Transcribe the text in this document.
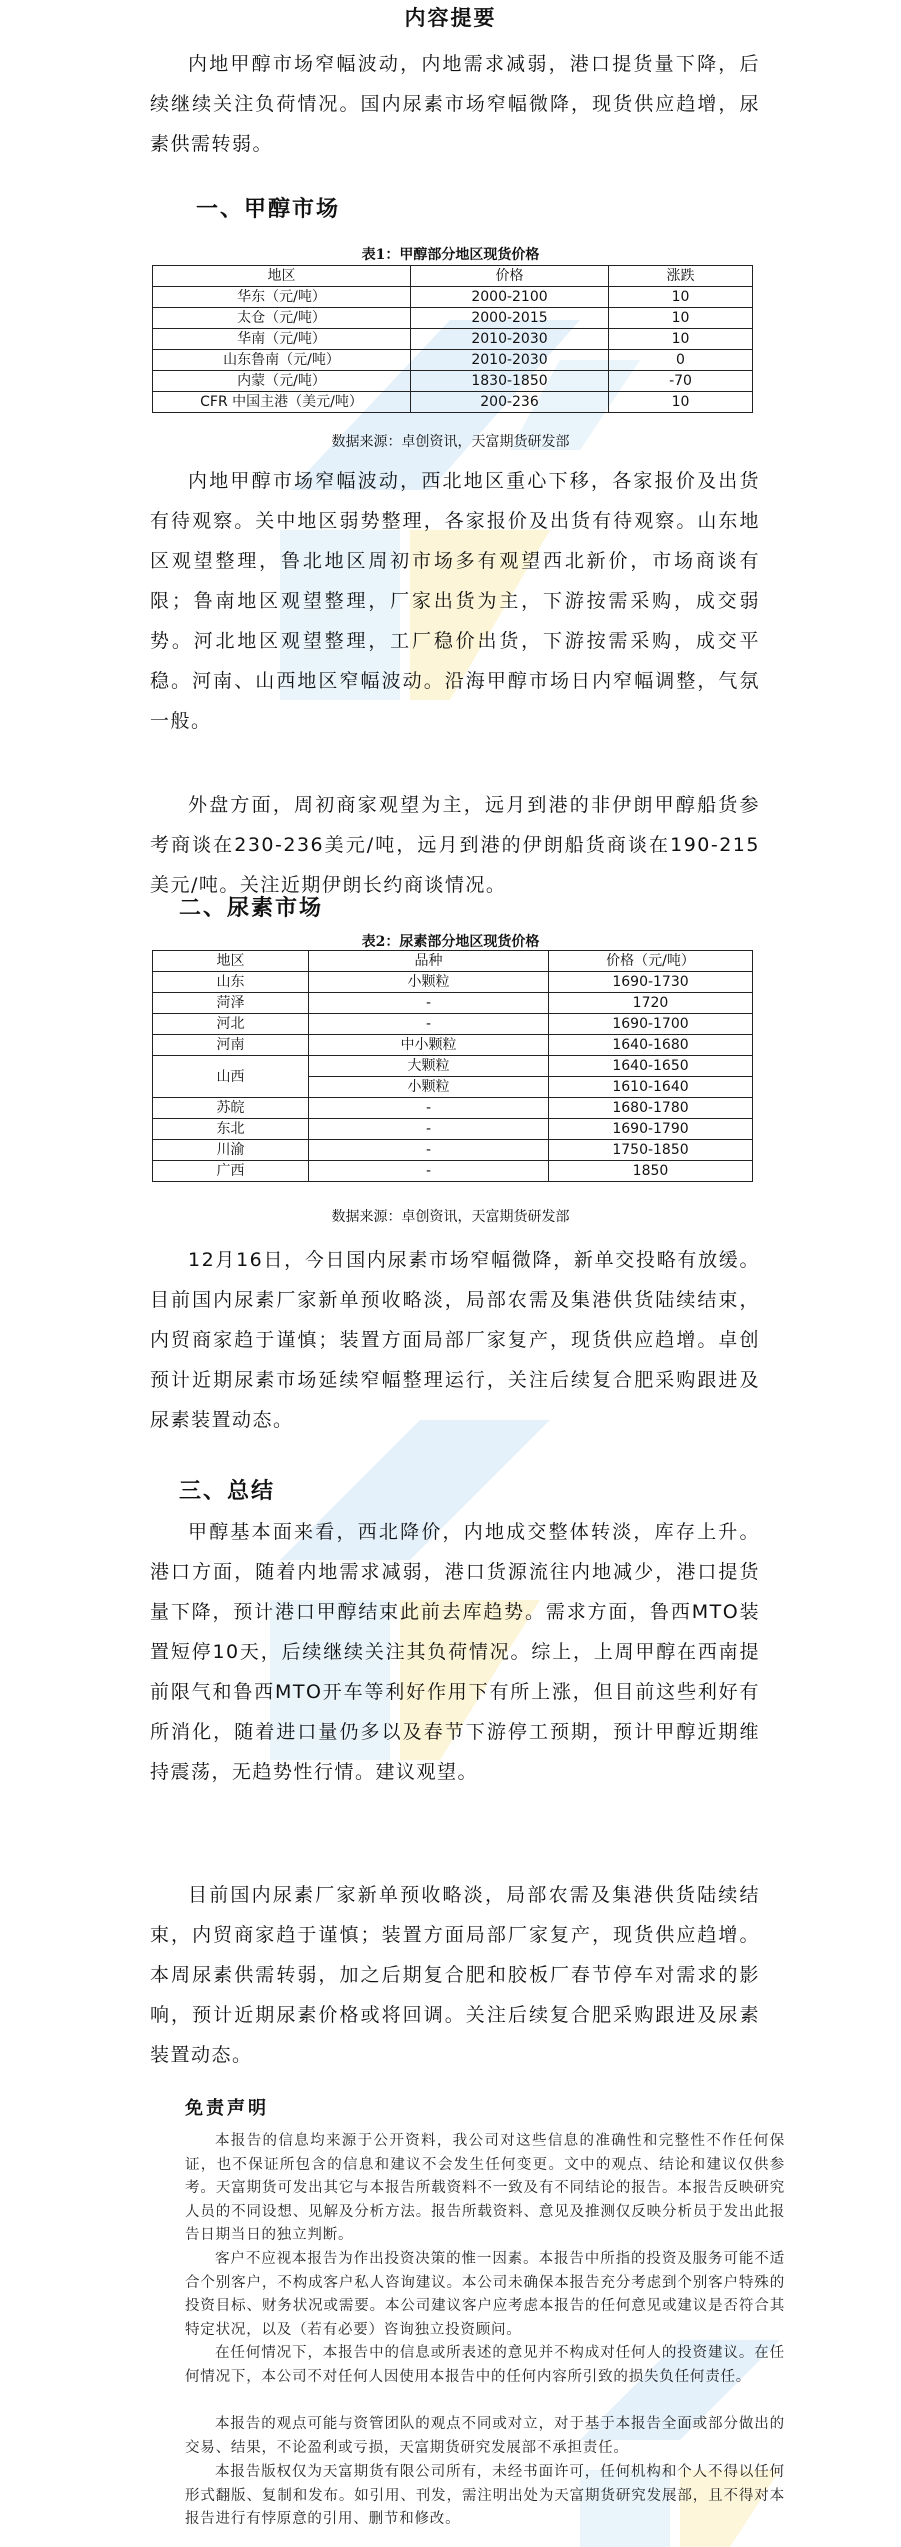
内容提要

内地甲醇市场窄幅波动，内地需求减弱，港口提货量下降，后续继续关注负荷情况。国内尿素市场窄幅微降，现货供应趋增，尿素供需转弱。

一、甲醇市场
表1：甲醇部分地区现货价格
地区	价格	涨跌
华东（元/吨）	2000-2100	10
太仓（元/吨）	2000-2015	10
华南（元/吨）	2010-2030	10
山东鲁南（元/吨）	2010-2030	0
内蒙（元/吨）	1830-1850	-70
CFR 中国主港（美元/吨）	200-236	10
数据来源：卓创资讯，天富期货研发部

内地甲醇市场窄幅波动，西北地区重心下移，各家报价及出货有待观察。关中地区弱势整理，各家报价及出货有待观察。山东地区观望整理，鲁北地区周初市场多有观望西北新价，市场商谈有限；鲁南地区观望整理，厂家出货为主，下游按需采购，成交弱势。河北地区观望整理，工厂稳价出货，下游按需采购，成交平稳。河南、山西地区窄幅波动。沿海甲醇市场日内窄幅调整，气氛一般。

外盘方面，周初商家观望为主，远月到港的非伊朗甲醇船货参考商谈在230-236美元/吨，远月到港的伊朗船货商谈在190-215美元/吨。关注近期伊朗长约商谈情况。

二、尿素市场
表2：尿素部分地区现货价格
地区	品种	价格（元/吨）
山东	小颗粒	1690-1730
菏泽	-	1720
河北	-	1690-1700
河南	中小颗粒	1640-1680
山西	大颗粒	1640-1650
	小颗粒	1610-1640
苏皖	-	1680-1780
东北	-	1690-1790
川渝	-	1750-1850
广西	-	1850
数据来源：卓创资讯，天富期货研发部

12月16日，今日国内尿素市场窄幅微降，新单交投略有放缓。目前国内尿素厂家新单预收略淡，局部农需及集港供货陆续结束，内贸商家趋于谨慎；装置方面局部厂家复产，现货供应趋增。卓创预计近期尿素市场延续窄幅整理运行，关注后续复合肥采购跟进及尿素装置动态。

三、总结

甲醇基本面来看，西北降价，内地成交整体转淡，库存上升。港口方面，随着内地需求减弱，港口货源流往内地减少，港口提货量下降，预计港口甲醇结束此前去库趋势。需求方面，鲁西MTO装置短停10天，后续继续关注其负荷情况。综上，上周甲醇在西南提前限气和鲁西MTO开车等利好作用下有所上涨，但目前这些利好有所消化，随着进口量仍多以及春节下游停工预期，预计甲醇近期维持震荡，无趋势性行情。建议观望。

目前国内尿素厂家新单预收略淡，局部农需及集港供货陆续结束，内贸商家趋于谨慎；装置方面局部厂家复产，现货供应趋增。本周尿素供需转弱，加之后期复合肥和胶板厂春节停车对需求的影响，预计近期尿素价格或将回调。关注后续复合肥采购跟进及尿素装置动态。

免责声明

本报告的信息均来源于公开资料，我公司对这些信息的准确性和完整性不作任何保证，也不保证所包含的信息和建议不会发生任何变更。文中的观点、结论和建议仅供参考。天富期货可发出其它与本报告所载资料不一致及有不同结论的报告。本报告反映研究人员的不同设想、见解及分析方法。报告所载资料、意见及推测仅反映分析员于发出此报告日期当日的独立判断。

客户不应视本报告为作出投资决策的惟一因素。本报告中所指的投资及服务可能不适合个别客户，不构成客户私人咨询建议。本公司未确保本报告充分考虑到个别客户特殊的投资目标、财务状况或需要。本公司建议客户应考虑本报告的任何意见或建议是否符合其特定状况，以及（若有必要）咨询独立投资顾问。

在任何情况下，本报告中的信息或所表述的意见并不构成对任何人的投资建议。在任何情况下，本公司不对任何人因使用本报告中的任何内容所引致的损失负任何责任。

本报告的观点可能与资管团队的观点不同或对立，对于基于本报告全面或部分做出的交易、结果，不论盈利或亏损，天富期货研究发展部不承担责任。

本报告版权仅为天富期货有限公司所有，未经书面许可，任何机构和个人不得以任何形式翻版、复制和发布。如引用、刊发，需注明出处为天富期货研究发展部，且不得对本报告进行有悖原意的引用、删节和修改。
